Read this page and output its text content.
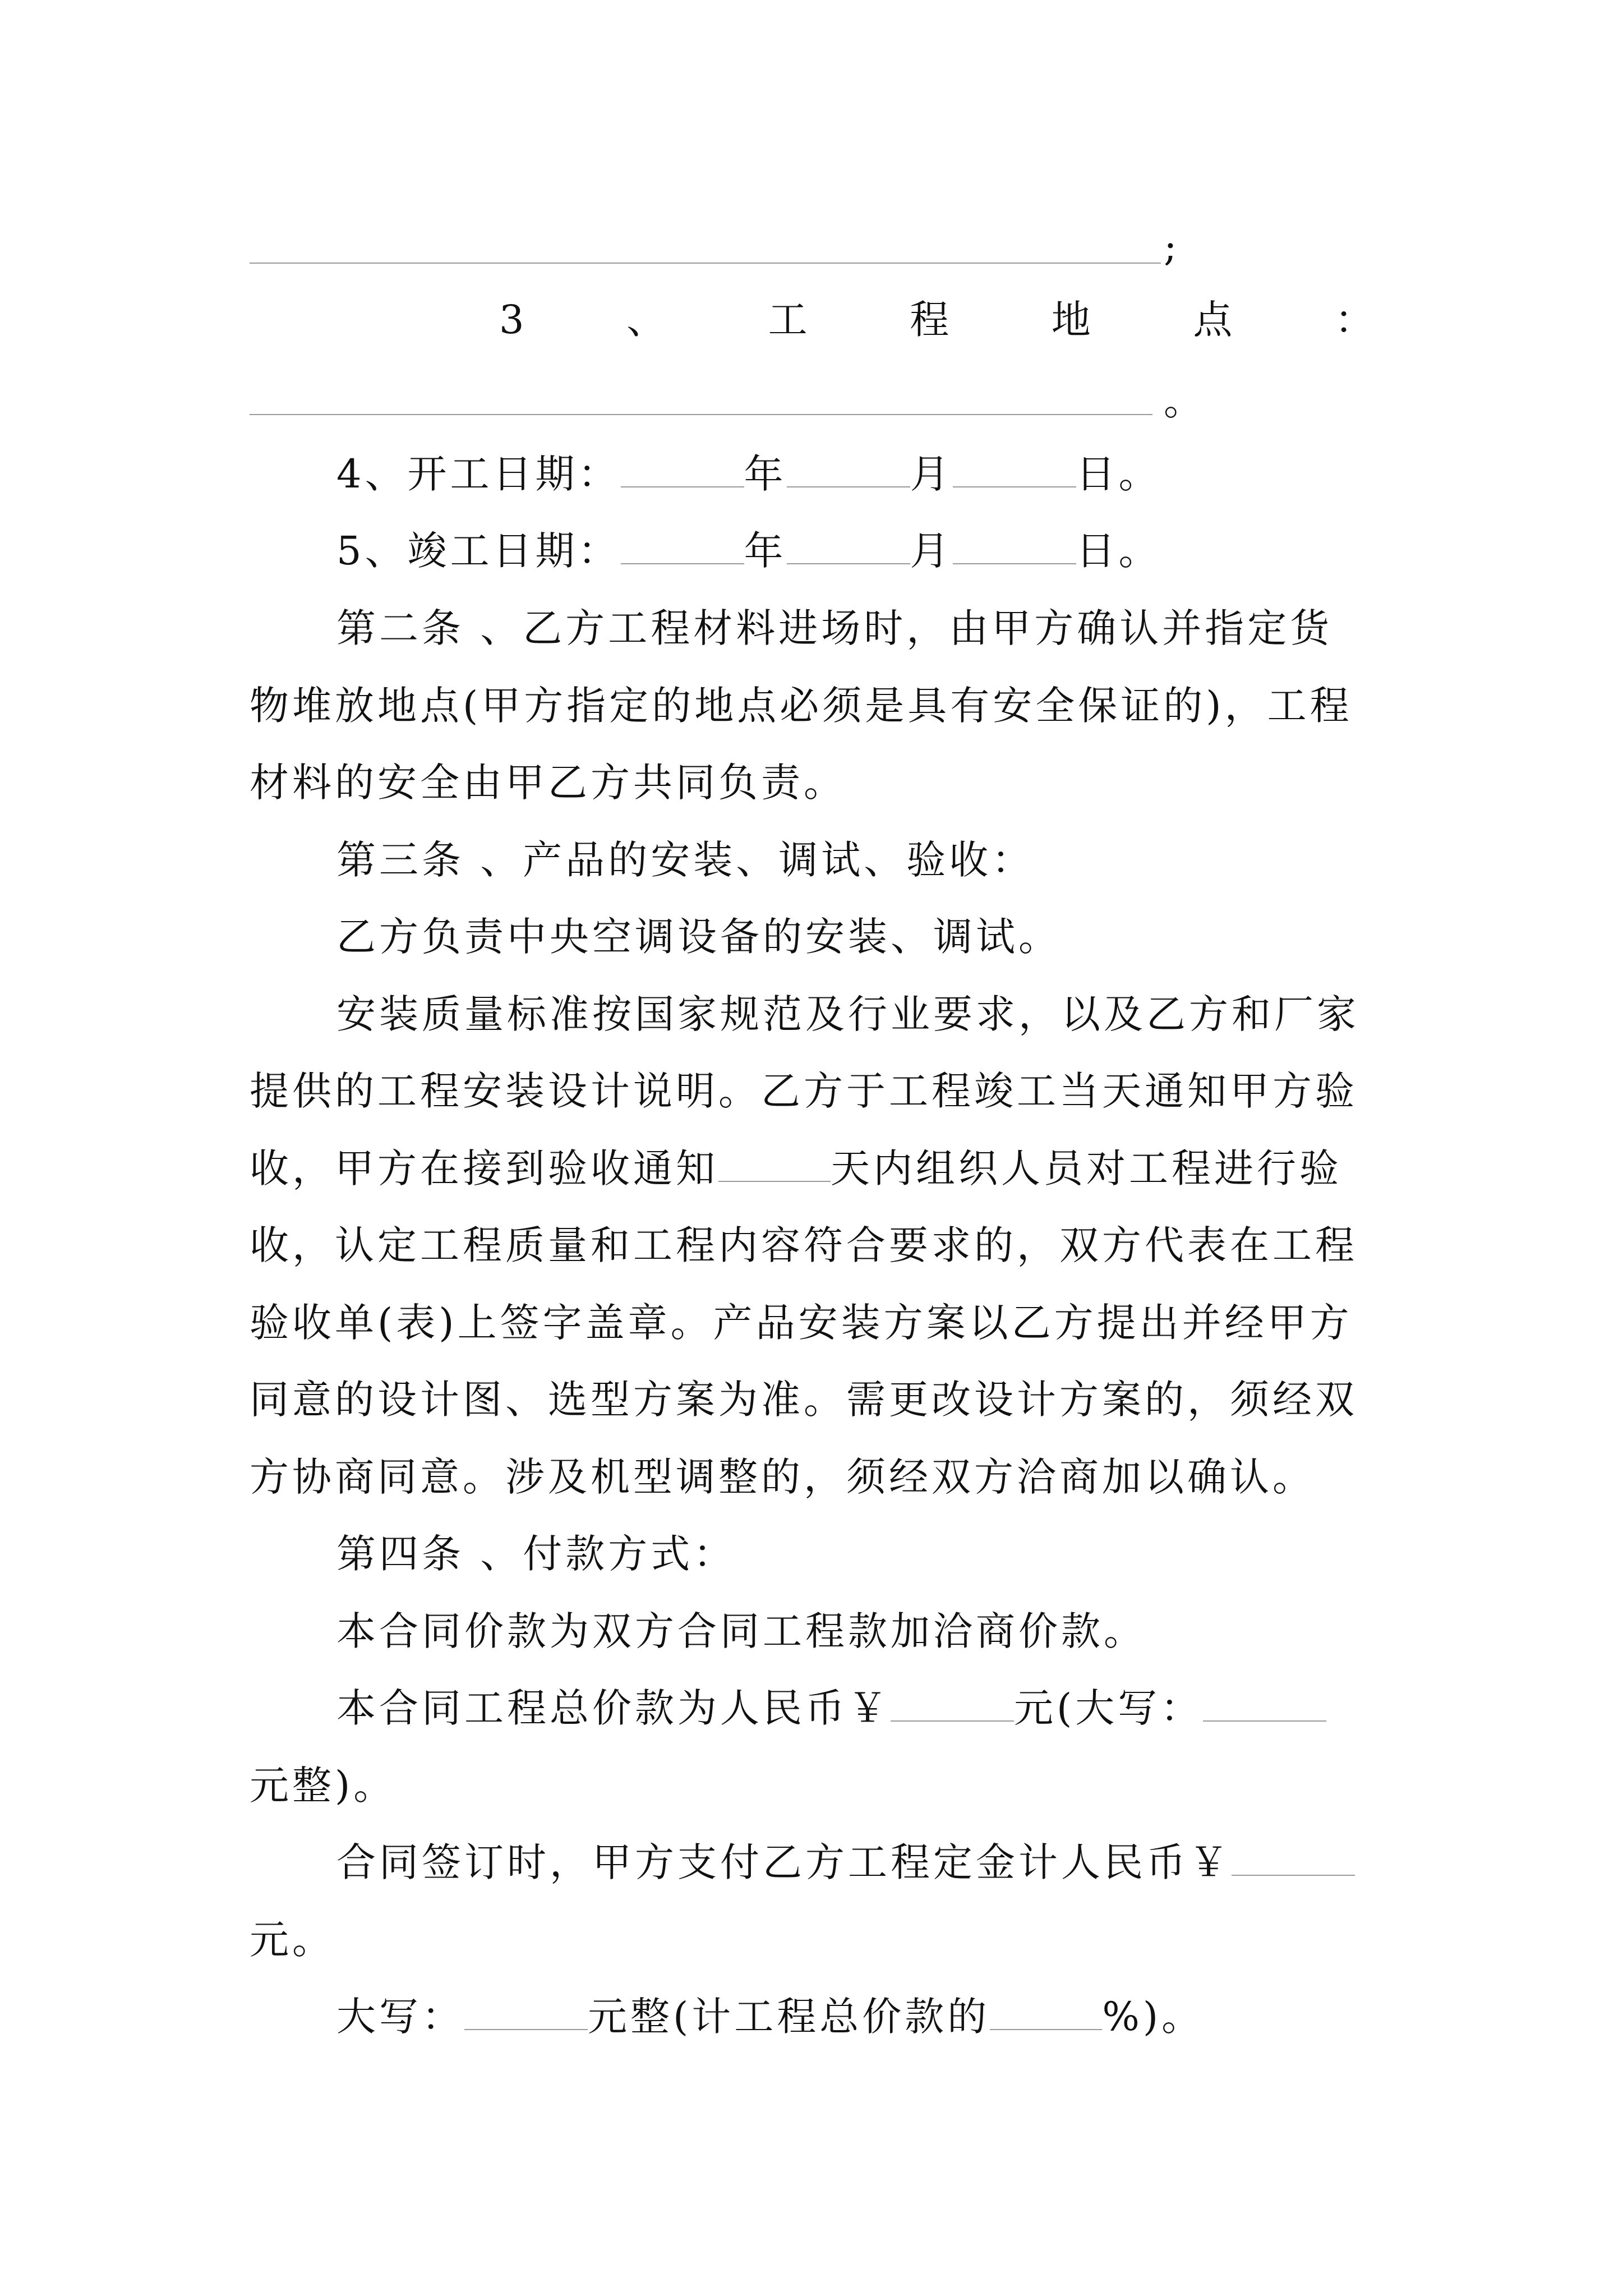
;
3	、	工	程	地	点	：
。
4、开工日期：	年	月	日。
5、竣工日期：	年	月	日。
第二条 、乙方工程材料进场时，由甲方确认并指定货
物堆放地点(甲方指定的地点必须是具有安全保证的)，工程
材料的安全由甲乙方共同负责。
第三条 、产品的安装、调试、验收：
乙方负责中央空调设备的安装、调试。
安装质量标准按国家规范及行业要求，以及乙方和厂家
提供的工程安装设计说明。乙方于工程竣工当天通知甲方验
收，甲方在接到验收通知	天内组织人员对工程进行验
收，认定工程质量和工程内容符合要求的，双方代表在工程
验收单(表)上签字盖章。产品安装方案以乙方提出并经甲方
同意的设计图、选型方案为准。需更改设计方案的，须经双
方协商同意。涉及机型调整的，须经双方洽商加以确认。
第四条 、付款方式：
本合同价款为双方合同工程款加洽商价款。
本合同工程总价款为人民币￥	元(大写：
元整)。
合同签订时，甲方支付乙方工程定金计人民币￥
元。
大写：	元整(计工程总价款的	%)。
